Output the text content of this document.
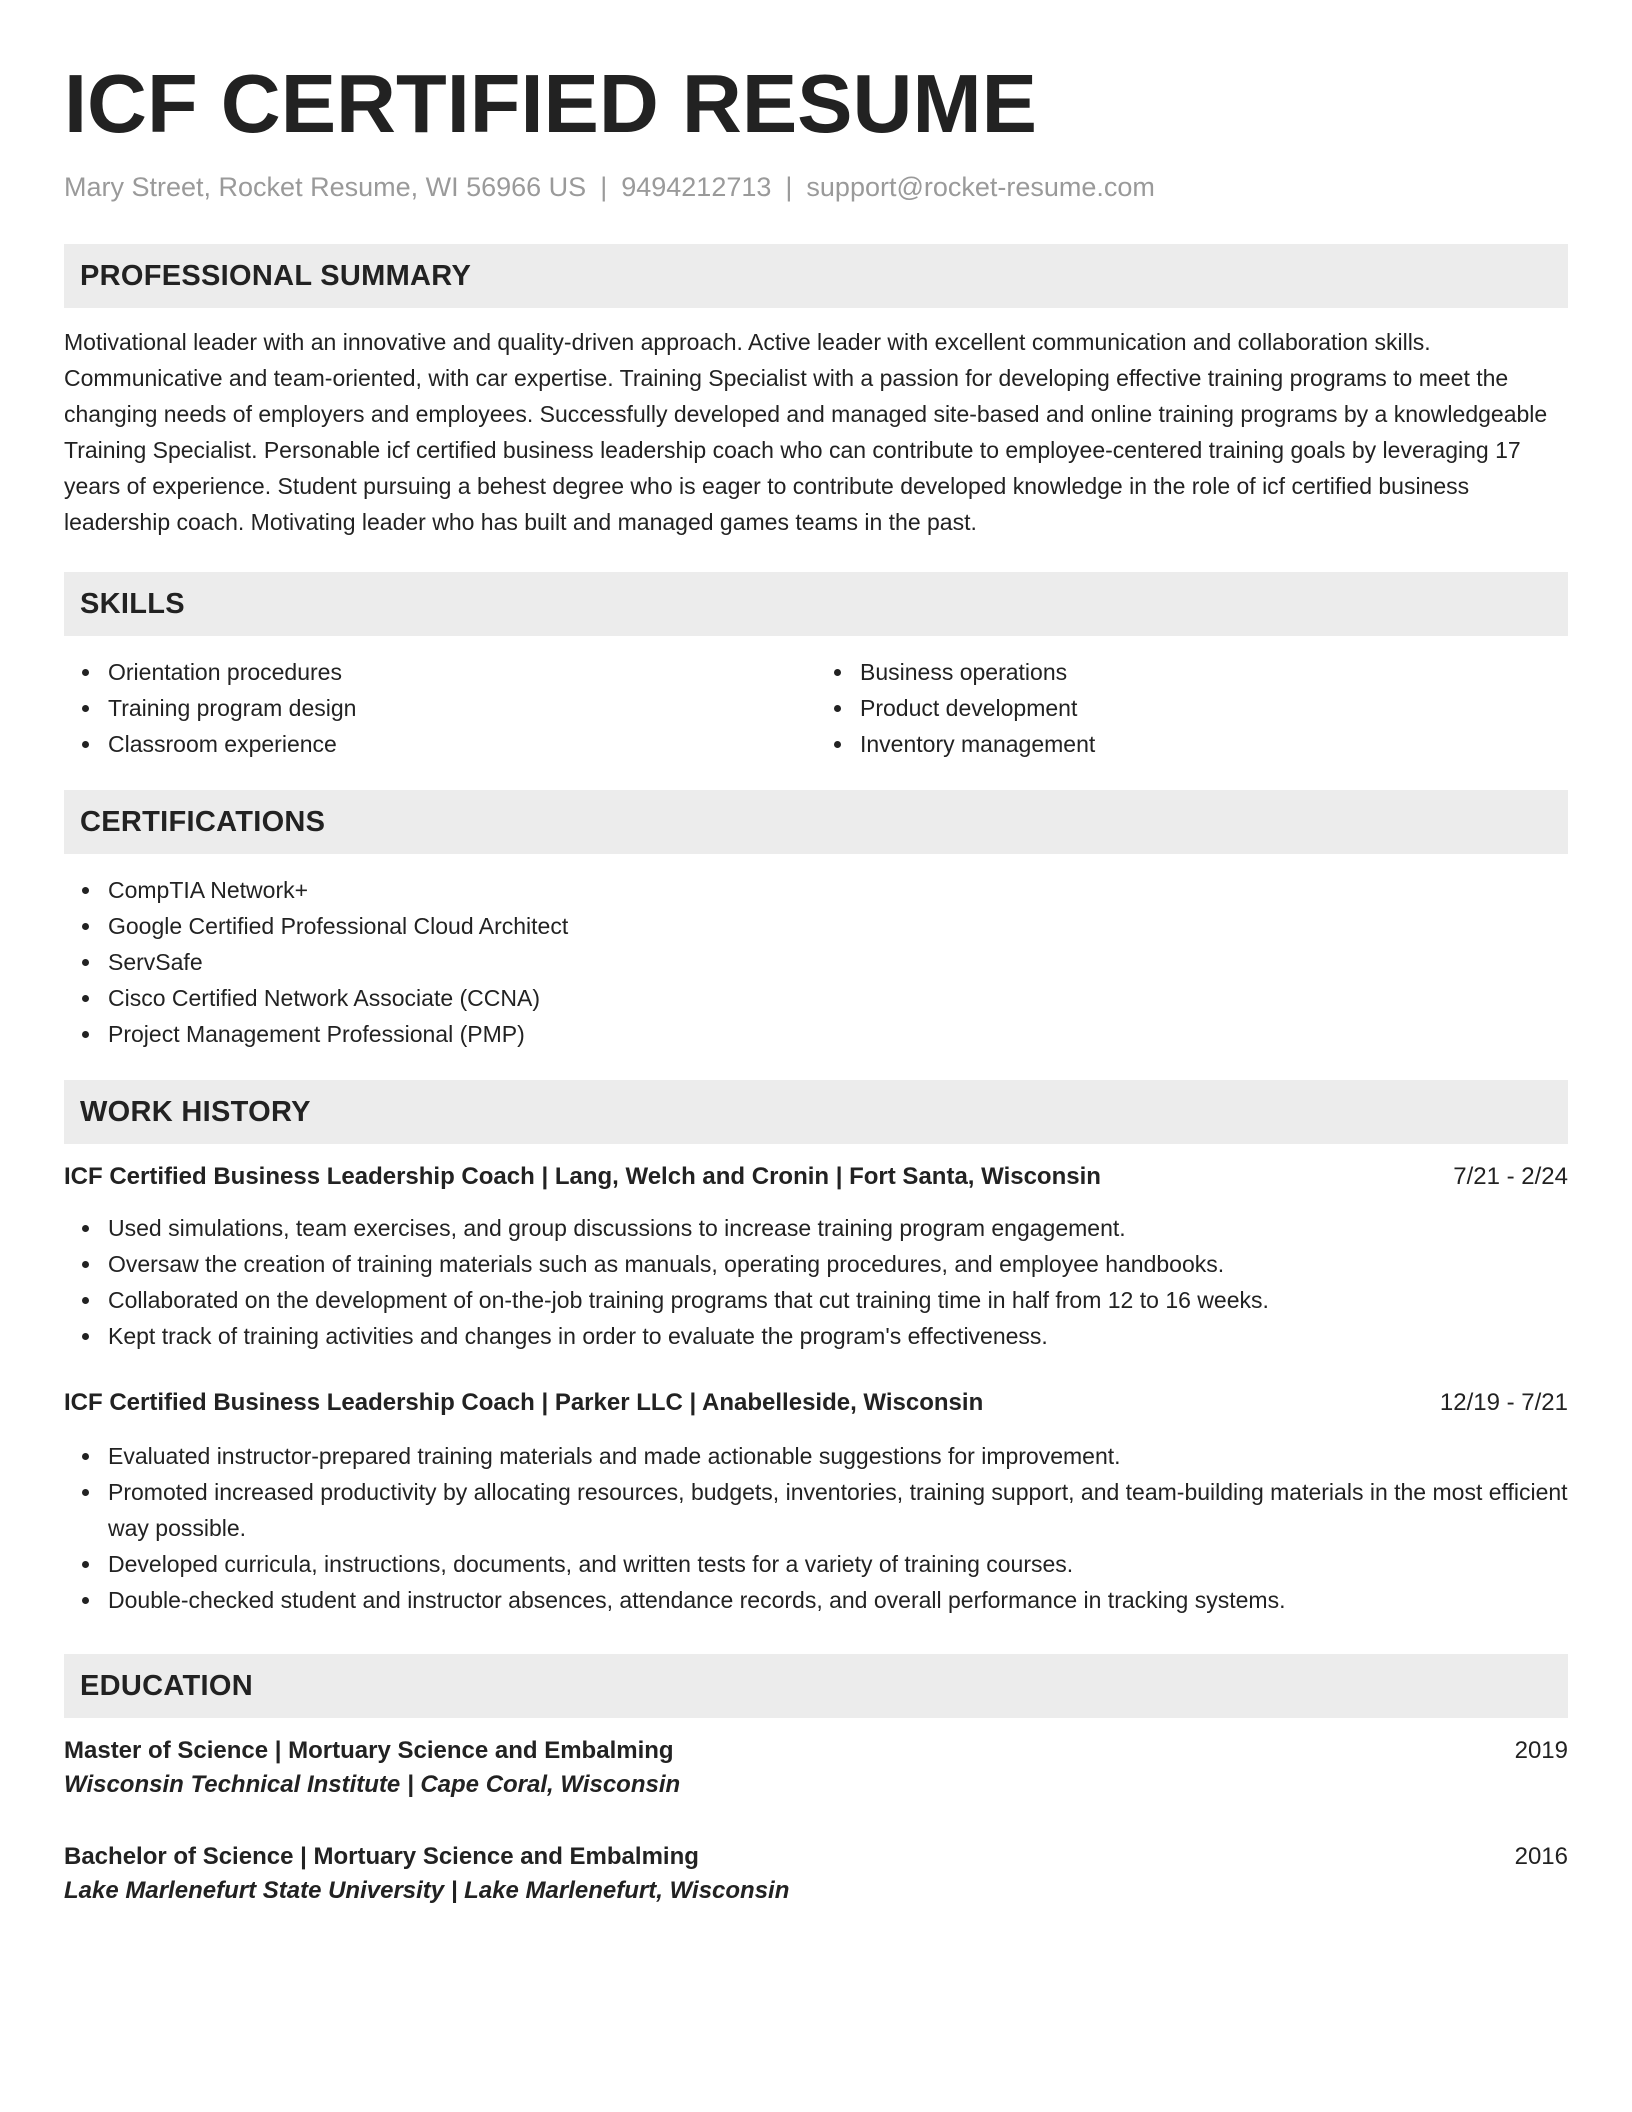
ICF CERTIFIED RESUME
Mary Street, Rocket Resume, WI 56966 US | 9494212713 | support@rocket-resume.com
PROFESSIONAL SUMMARY

Motivational leader with an innovative and quality-driven approach. Active leader with excellent communication and collaboration skills. Communicative and team-oriented, with car expertise. Training Specialist with a passion for developing effective training programs to meet the changing needs of employers and employees. Successfully developed and managed site-based and online training programs by a knowledgeable Training Specialist. Personable icf certified business leadership coach who can contribute to employee-centered training goals by leveraging 17 years of experience. Student pursuing a behest degree who is eager to contribute developed knowledge in the role of icf certified business leadership coach. Motivating leader who has built and managed games teams in the past.

SKILLS
Orientation procedures
Training program design
Classroom experience
Business operations
Product development
Inventory management
CERTIFICATIONS
CompTIA Network+
Google Certified Professional Cloud Architect
ServSafe
Cisco Certified Network Associate (CCNA)
Project Management Professional (PMP)
WORK HISTORY
ICF Certified Business Leadership Coach | Lang, Welch and Cronin | Fort Santa, Wisconsin	7/21 - 2/24
Used simulations, team exercises, and group discussions to increase training program engagement.
Oversaw the creation of training materials such as manuals, operating procedures, and employee handbooks.
Collaborated on the development of on-the-job training programs that cut training time in half from 12 to 16 weeks.
Kept track of training activities and changes in order to evaluate the program's effectiveness.
ICF Certified Business Leadership Coach | Parker LLC | Anabelleside, Wisconsin	12/19 - 7/21
Evaluated instructor-prepared training materials and made actionable suggestions for improvement.
Promoted increased productivity by allocating resources, budgets, inventories, training support, and team-building materials in the most efficient way possible.
Developed curricula, instructions, documents, and written tests for a variety of training courses.
Double-checked student and instructor absences, attendance records, and overall performance in tracking systems.
EDUCATION
Master of Science | Mortuary Science and Embalming	2019
Wisconsin Technical Institute | Cape Coral, Wisconsin
Bachelor of Science | Mortuary Science and Embalming	2016
Lake Marlenefurt State University | Lake Marlenefurt, Wisconsin
